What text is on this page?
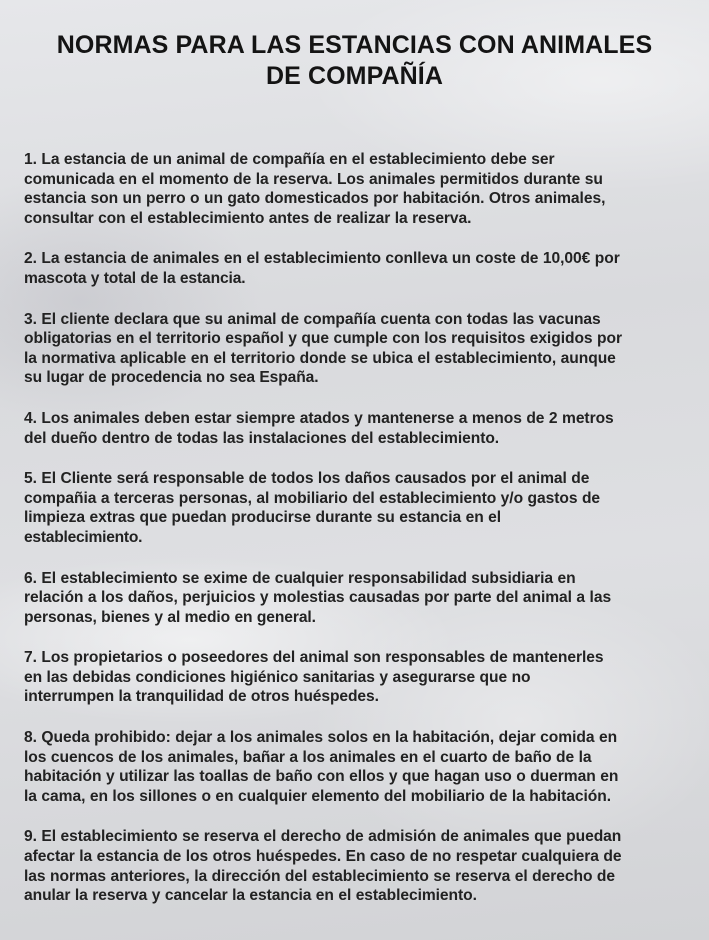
NORMAS PARA LAS ESTANCIAS CON ANIMALES
DE COMPAÑÍA

1. La estancia de un animal de compañía en el establecimiento debe ser
comunicada en el momento de la reserva. Los animales permitidos durante su
estancia son un perro o un gato domesticados por habitación. Otros animales,
consultar con el establecimiento antes de realizar la reserva.

2. La estancia de animales en el establecimiento conlleva un coste de 10,00€ por
mascota y total de la estancia.

3. El cliente declara que su animal de compañía cuenta con todas las vacunas
obligatorias en el territorio español y que cumple con los requisitos exigidos por
la normativa aplicable en el territorio donde se ubica el establecimiento, aunque
su lugar de procedencia no sea España.

4. Los animales deben estar siempre atados y mantenerse a menos de 2 metros
del dueño dentro de todas las instalaciones del establecimiento.

5. El Cliente será responsable de todos los daños causados por el animal de
compañia a terceras personas, al mobiliario del establecimiento y/o gastos de
limpieza extras que puedan producirse durante su estancia en el
establecimiento.

6. El establecimiento se exime de cualquier responsabilidad subsidiaria en
relación a los daños, perjuicios y molestias causadas por parte del animal a las
personas, bienes y al medio en general.

7. Los propietarios o poseedores del animal son responsables de mantenerles
en las debidas condiciones higiénico sanitarias y asegurarse que no
interrumpen la tranquilidad de otros huéspedes.

8. Queda prohibido: dejar a los animales solos en la habitación, dejar comida en
los cuencos de los animales, bañar a los animales en el cuarto de baño de la
habitación y utilizar las toallas de baño con ellos y que hagan uso o duerman en
la cama, en los sillones o en cualquier elemento del mobiliario de la habitación.

9. El establecimiento se reserva el derecho de admisión de animales que puedan
afectar la estancia de los otros huéspedes. En caso de no respetar cualquiera de
las normas anteriores, la dirección del establecimiento se reserva el derecho de
anular la reserva y cancelar la estancia en el establecimiento.
